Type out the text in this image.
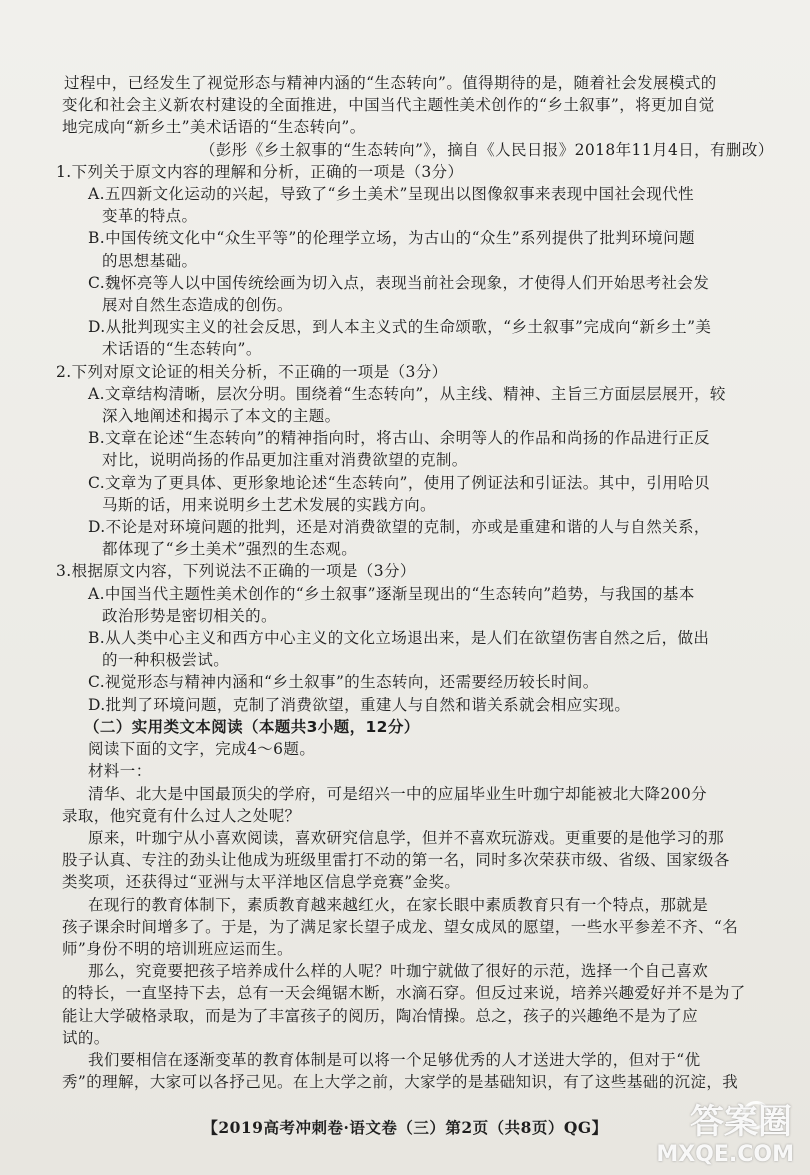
过程中，已经发生了视觉形态与精神内涵的“生态转向”。值得期待的是，随着社会发展模式的

变化和社会主义新农村建设的全面推进，中国当代主题性美术创作的“乡土叙事”，将更加自觉

地完成向“新乡土”美术话语的“生态转向”。

（彭彤《乡土叙事的“生态转向”》，摘自《人民日报》2018年11月4日，有删改）

1.下列关于原文内容的理解和分析，正确的一项是（3分）

A.五四新文化运动的兴起，导致了“乡土美术”呈现出以图像叙事来表现中国社会现代性

变革的特点。

B.中国传统文化中“众生平等”的伦理学立场，为古山的“众生”系列提供了批判环境问题

的思想基础。

C.魏怀亮等人以中国传统绘画为切入点，表现当前社会现象，才使得人们开始思考社会发

展对自然生态造成的创伤。

D.从批判现实主义的社会反思，到人本主义式的生命颂歌，“乡土叙事”完成向“新乡土”美

术话语的“生态转向”。

2.下列对原文论证的相关分析，不正确的一项是（3分）

A.文章结构清晰，层次分明。围绕着“生态转向”，从主线、精神、主旨三方面层层展开，较

深入地阐述和揭示了本文的主题。

B.文章在论述“生态转向”的精神指向时，将古山、余明等人的作品和尚扬的作品进行正反

对比，说明尚扬的作品更加注重对消费欲望的克制。

C.文章为了更具体、更形象地论述“生态转向”，使用了例证法和引证法。其中，引用哈贝

马斯的话，用来说明乡土艺术发展的实践方向。

D.不论是对环境问题的批判，还是对消费欲望的克制，亦或是重建和谐的人与自然关系，

都体现了“乡土美术”强烈的生态观。

3.根据原文内容，下列说法不正确的一项是（3分）

A.中国当代主题性美术创作的“乡土叙事”逐渐呈现出的“生态转向”趋势，与我国的基本

政治形势是密切相关的。

B.从人类中心主义和西方中心主义的文化立场退出来，是人们在欲望伤害自然之后，做出

的一种积极尝试。

C.视觉形态与精神内涵和“乡土叙事”的生态转向，还需要经历较长时间。

D.批判了环境问题，克制了消费欲望，重建人与自然和谐关系就会相应实现。

（二）实用类文本阅读（本题共3小题，12分）

阅读下面的文字，完成4～6题。

材料一：

清华、北大是中国最顶尖的学府，可是绍兴一中的应届毕业生叶珈宁却能被北大降200分

录取，他究竟有什么过人之处呢？

原来，叶珈宁从小喜欢阅读，喜欢研究信息学，但并不喜欢玩游戏。更重要的是他学习的那

股子认真、专注的劲头让他成为班级里雷打不动的第一名，同时多次荣获市级、省级、国家级各

类奖项，还获得过“亚洲与太平洋地区信息学竞赛”金奖。

在现行的教育体制下，素质教育越来越红火，在家长眼中素质教育只有一个特点，那就是

孩子课余时间增多了。于是，为了满足家长望子成龙、望女成凤的愿望，一些水平参差不齐、“名

师”身份不明的培训班应运而生。

那么，究竟要把孩子培养成什么样的人呢？叶珈宁就做了很好的示范，选择一个自己喜欢

的特长，一直坚持下去，总有一天会绳锯木断，水滴石穿。但反过来说，培养兴趣爱好并不是为了

能让大学破格录取，而是为了丰富孩子的阅历，陶冶情操。总之，孩子的兴趣绝不是为了应

试的。

我们要相信在逐渐变革的教育体制是可以将一个足够优秀的人才送进大学的，但对于“优

秀”的理解，大家可以各抒己见。在上大学之前，大家学的是基础知识，有了这些基础的沉淀，我

【2019高考冲刺卷·语文卷（三）第2页（共8页）QG】	答案圈
MXQE.COM
